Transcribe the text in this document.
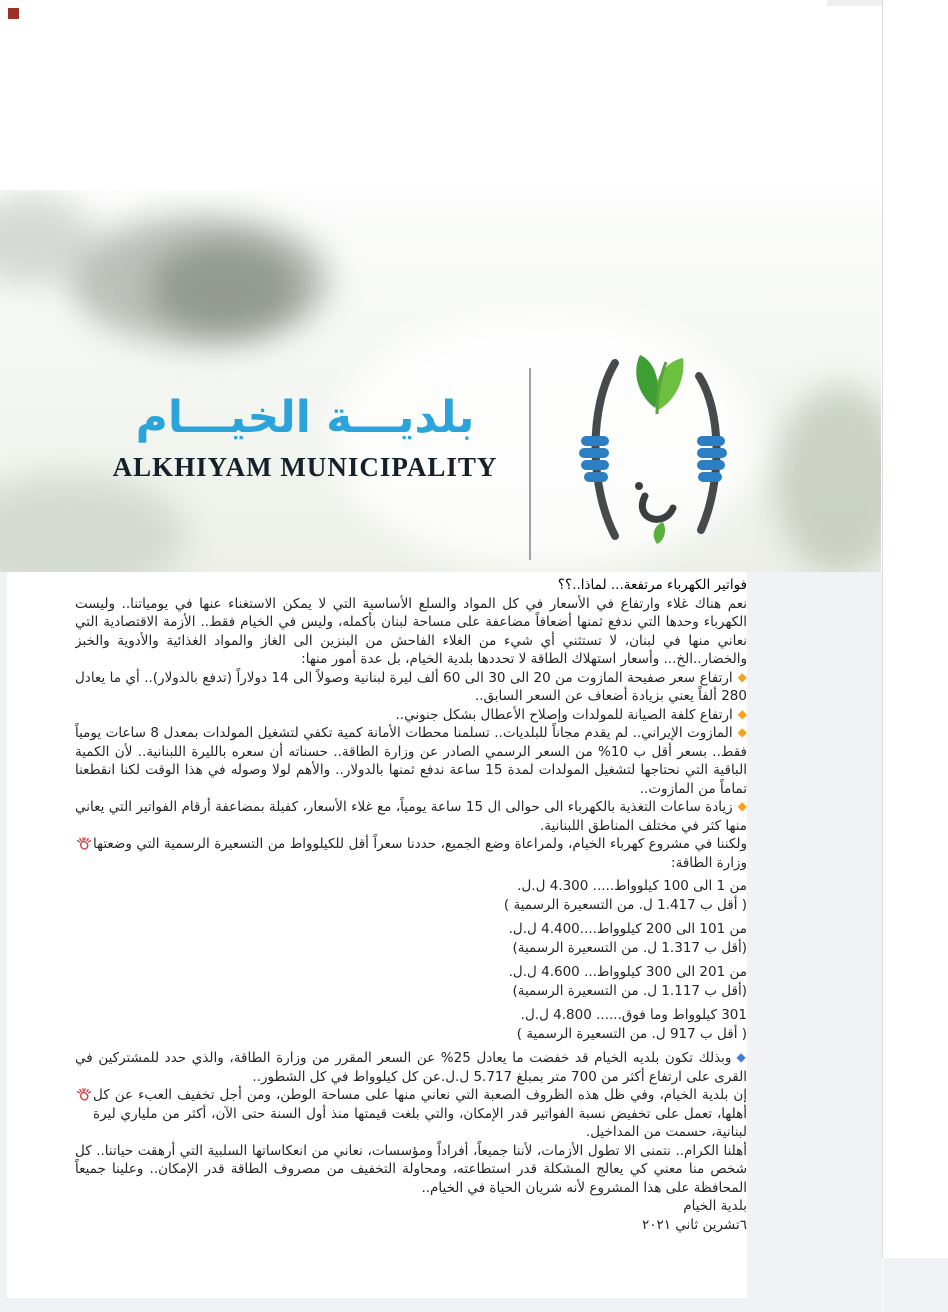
بلديـــة الخيـــام
ALKHIYAM MUNICIPALITY

فواتير الكهرباء مرتفعة... لماذا..؟؟

نعم هناك غلاء وارتفاع في الأسعار في كل المواد والسلع الأساسية التي لا يمكن الاستغناء عنها في يومياتنا.. وليست الكهرباء وحدها التي ندفع ثمنها أضعافاً مضاعفة على مساحة لبنان بأكمله، وليس في الخيام فقط.. الأزمة الاقتصادية التي نعاني منها في لبنان، لا تستثني أي شيء من الغلاء الفاحش من البنزين الى الغاز والمواد الغذائية والأدوية والخبز والخضار..الخ... وأسعار استهلاك الطاقة لا تحددها بلدية الخيام، بل عدة أمور منها:

◆ارتفاع سعر صفيحة المازوت من 20 الى 30 الى 60 ألف ليرة لبنانية وصولاً الى 14 دولاراً (تدفع بالدولار).. أي ما يعادل 280 ألفاً يعني بزيادة أضعاف عن السعر السابق..

◆ارتفاع كلفة الصيانة للمولدات وإصلاح الأعطال بشكل جنوني..

◆المازوت الإيراني.. لم يقدم مجاناً للبلديات.. تسلمنا محطات الأمانة كمية تكفي لتشغيل المولدات بمعدل 8 ساعات يومياً فقط.. بسعر أقل ب 10% من السعر الرسمي الصادر عن وزارة الطاقة.. حسناته أن سعره بالليرة اللبنانية.. لأن الكمية الباقية التي نحتاجها لتشغيل المولدات لمدة 15 ساعة ندفع ثمنها بالدولار.. والأهم لولا وصوله في هذا الوقت لكنا انقطعنا تماماً من المازوت..

◆زيادة ساعات التغذية بالكهرباء الى حوالى ال 15 ساعة يومياً، مع غلاء الأسعار، كفيلة بمضاعفة أرقام الفواتير التي يعاني منها كثر في مختلف المناطق اللبنانية.

ولكننا في مشروع كهرباء الخيام، ولمراعاة وضع الجميع، حددنا سعراً أقل للكيلوواط من التسعيرة الرسمية التي وضعتها وزارة الطاقة:

من 1 الى 100 كيلوواط..... 4.300 ل.ل.
( أقل ب 1.417 ل. من التسعيرة الرسمية )
من 101 الى 200 كيلوواط....4.400 ل.ل.
(أقل ب 1.317 ل. من التسعيرة الرسمية)
من 201 الى 300 كيلوواط... 4.600 ل.ل.
(أقل ب 1.117 ل. من التسعيرة الرسمية)
301 كيلوواط وما فوق...... 4.800 ل.ل.
( أقل ب 917 ل. من التسعيرة الرسمية )

◆وبذلك تكون بلديه الخيام قد خفضت ما يعادل 25% عن السعر المقرر من وزارة الطاقة، والذي حدد للمشتركين في القرى على ارتفاع أكثر من 700 متر بمبلغ 5.717 ل.ل.عن كل كيلوواط في كل الشطور..

إن بلدية الخيام، وفي ظل هذه الظروف الصعبة التي نعاني منها على مساحة الوطن، ومن أجل تخفيف العبء عن كل أهلها، تعمل على تخفيض نسبة الفواتير قدر الإمكان، والتي بلغت قيمتها منذ أول السنة حتى الآن، أكثر من ملياري ليرة لبنانية، حسمت من المداخيل.

أهلنا الكرام.. نتمنى الا تطول الأزمات، لأننا جميعاً، أفراداً ومؤسسات، نعاني من انعكاساتها السلبية التي أرهقت حياتنا.. كل شخص منا معني كي يعالج المشكلة قدر استطاعته، ومحاولة التخفيف من مصروف الطاقة قدر الإمكان.. وعلينا جميعاً المحافظة على هذا المشروع لأنه شريان الحياة في الخيام..

بلدية الخيام
٦تشرين ثاني ٢٠٢١
